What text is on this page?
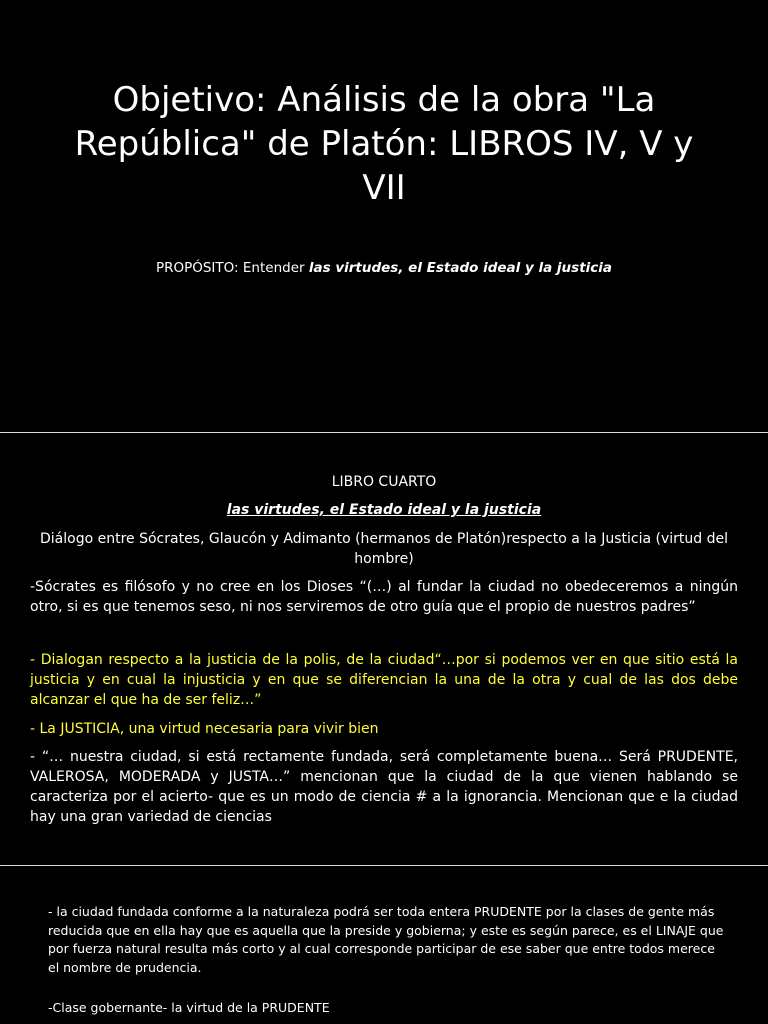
Objetivo: Análisis de la obra "La República" de Platón: LIBROS IV, V y VII
PROPÓSITO: Entender las virtudes, el Estado ideal y la justicia
LIBRO CUARTO
las virtudes, el Estado ideal y la justicia
Diálogo entre Sócrates, Glaucón y Adimanto (hermanos de Platón)respecto a la Justicia (virtud del hombre)
-Sócrates es filósofo y no cree en los Dioses “(…) al fundar la ciudad no obedeceremos a ningún otro, si es que tenemos seso, ni nos serviremos de otro guía que el propio de nuestros padres”
- Dialogan respecto a la justicia de la polis, de la ciudad“…por si podemos ver en que sitio está la justicia y en cual la injusticia y en que se diferencian la una de la otra y cual de las dos debe alcanzar el que ha de ser feliz…”
- La JUSTICIA, una virtud necesaria para vivir bien
- “… nuestra ciudad, si está rectamente fundada, será completamente buena… Será PRUDENTE, VALEROSA, MODERADA y JUSTA…” mencionan que la ciudad de la que vienen hablando se caracteriza por el acierto- que es un modo de ciencia # a la ignorancia. Mencionan que e la ciudad hay una gran variedad de ciencias
- la ciudad fundada conforme a la naturaleza podrá ser toda entera PRUDENTE por la clases de gente más reducida que en ella hay que es aquella que la preside y gobierna; y este es según parece, es el LINAJE que por fuerza natural resulta más corto y al cual corresponde participar de ese saber que entre todos merece el nombre de prudencia.
-Clase gobernante- la virtud de la PRUDENTE
